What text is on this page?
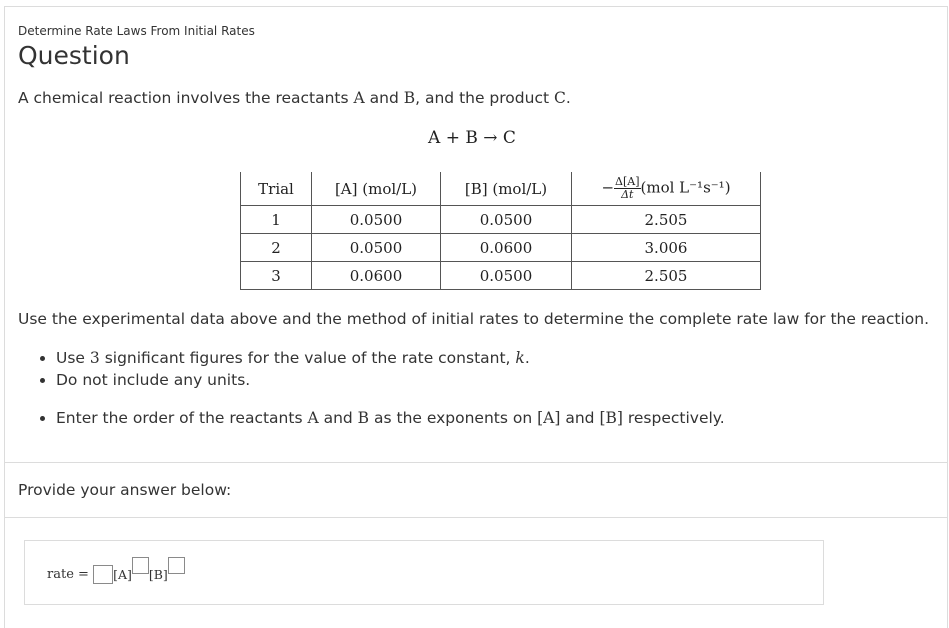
Determine Rate Laws From Initial Rates
Question
A chemical reaction involves the reactants A and B, and the product C.
A + B → C
Trial	[A] (mol/L)	[B] (mol/L)	− $\frac{\Delta[A]}{\Delta t} (mol$ L⁻¹s⁻¹)
1	0.0500	0.0500	2.505
2	0.0500	0.0600	3.006
3	0.0600	0.0500	2.505
Use the experimental data above and the method of initial rates to determine the complete rate law for the reaction.
• Use 3 significant figures for the value of the rate constant, k.
• Do not include any units.
• Enter the order of the reactants A and B as the exponents on [A] and [B] respectively.
Provide your answer below:
rate = [A] [B]
